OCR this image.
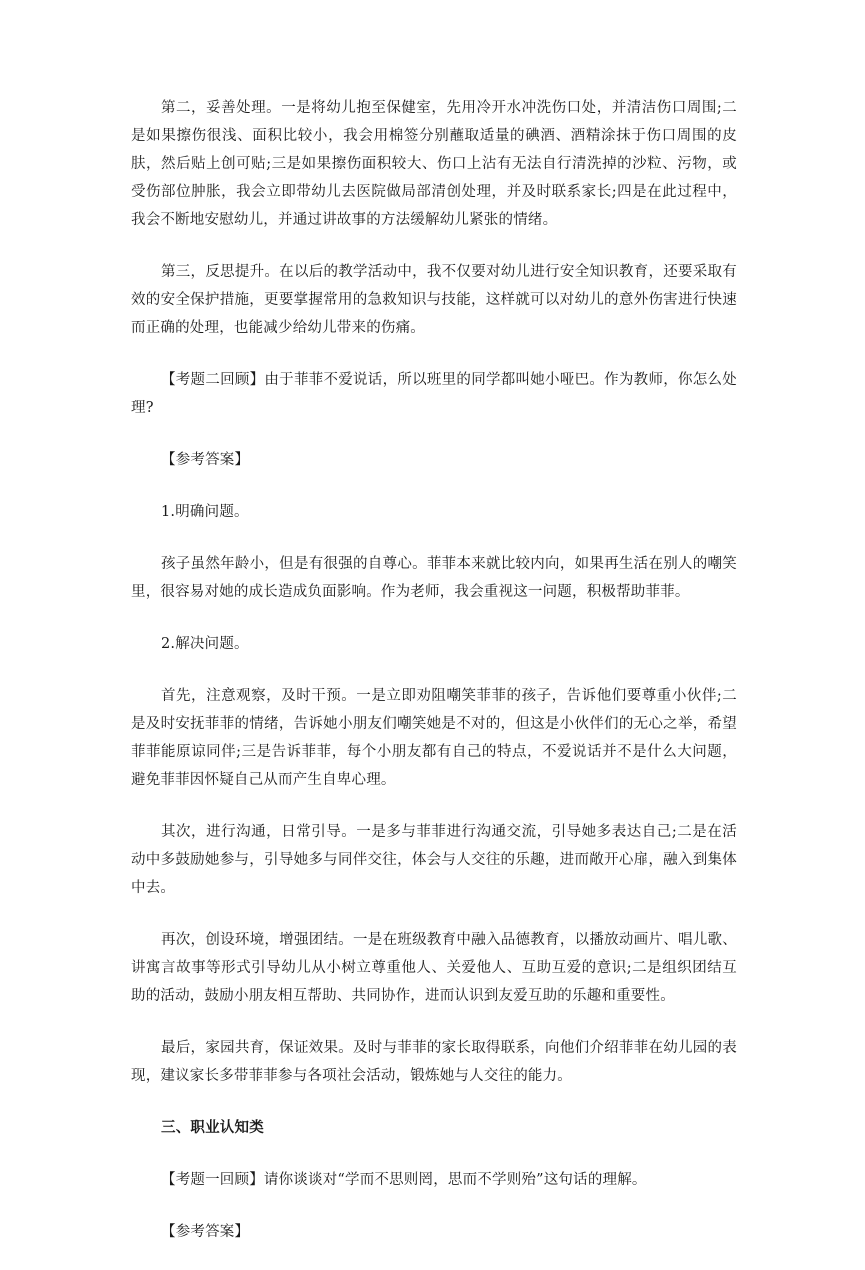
第二，妥善处理。一是将幼儿抱至保健室，先用冷开水冲洗伤口处，并清洁伤口周围;二是如果擦伤很浅、面积比较小，我会用棉签分别蘸取适量的碘酒、酒精涂抹于伤口周围的皮肤，然后贴上创可贴;三是如果擦伤面积较大、伤口上沾有无法自行清洗掉的沙粒、污物，或受伤部位肿胀，我会立即带幼儿去医院做局部清创处理，并及时联系家长;四是在此过程中，我会不断地安慰幼儿，并通过讲故事的方法缓解幼儿紧张的情绪。

第三，反思提升。在以后的教学活动中，我不仅要对幼儿进行安全知识教育，还要采取有效的安全保护措施，更要掌握常用的急救知识与技能，这样就可以对幼儿的意外伤害进行快速而正确的处理，也能减少给幼儿带来的伤痛。

【考题二回顾】由于菲菲不爱说话，所以班里的同学都叫她小哑巴。作为教师，你怎么处理?

【参考答案】

1.明确问题。

孩子虽然年龄小，但是有很强的自尊心。菲菲本来就比较内向，如果再生活在别人的嘲笑里，很容易对她的成长造成负面影响。作为老师，我会重视这一问题，积极帮助菲菲。

2.解决问题。

首先，注意观察，及时干预。一是立即劝阻嘲笑菲菲的孩子，告诉他们要尊重小伙伴;二是及时安抚菲菲的情绪，告诉她小朋友们嘲笑她是不对的，但这是小伙伴们的无心之举，希望菲菲能原谅同伴;三是告诉菲菲，每个小朋友都有自己的特点，不爱说话并不是什么大问题，避免菲菲因怀疑自己从而产生自卑心理。

其次，进行沟通，日常引导。一是多与菲菲进行沟通交流，引导她多表达自己;二是在活动中多鼓励她参与，引导她多与同伴交往，体会与人交往的乐趣，进而敞开心扉，融入到集体中去。

再次，创设环境，增强团结。一是在班级教育中融入品德教育，以播放动画片、唱儿歌、讲寓言故事等形式引导幼儿从小树立尊重他人、关爱他人、互助互爱的意识;二是组织团结互助的活动，鼓励小朋友相互帮助、共同协作，进而认识到友爱互助的乐趣和重要性。

最后，家园共育，保证效果。及时与菲菲的家长取得联系，向他们介绍菲菲在幼儿园的表现，建议家长多带菲菲参与各项社会活动，锻炼她与人交往的能力。

三、职业认知类

【考题一回顾】请你谈谈对“学而不思则罔，思而不学则殆”这句话的理解。

【参考答案】
